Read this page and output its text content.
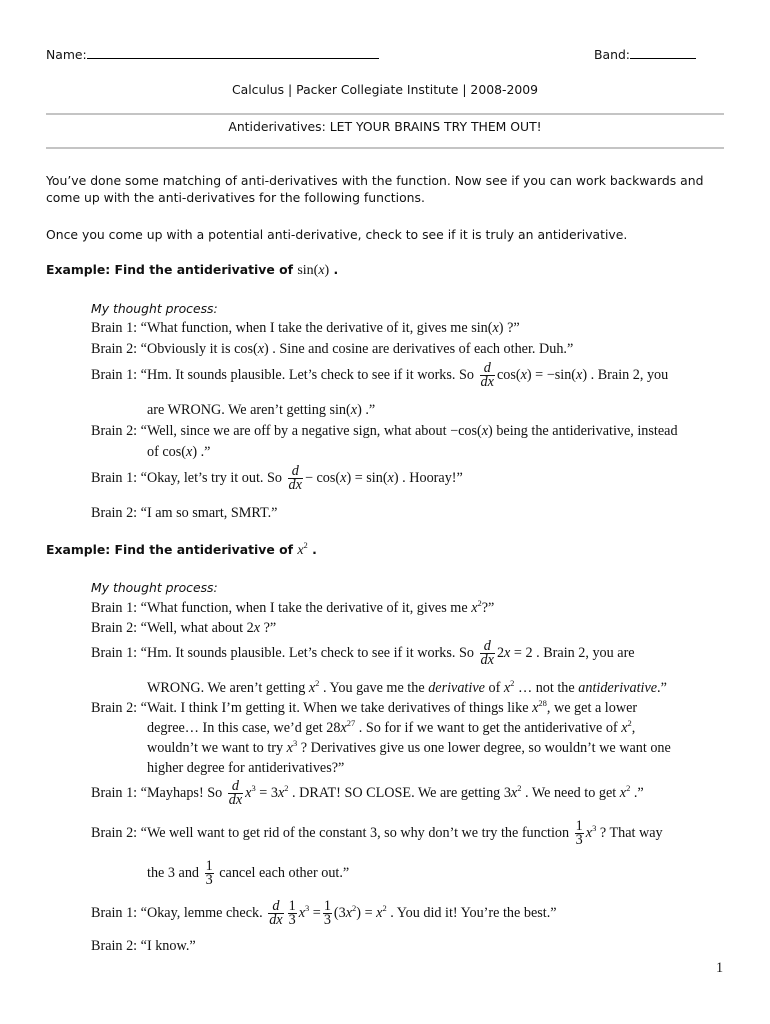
Name:	Band:
Calculus | Packer Collegiate Institute | 2008-2009
Antiderivatives: LET YOUR BRAINS TRY THEM OUT!
You’ve done some matching of anti-derivatives with the function. Now see if you can work backwards and
come up with the anti-derivatives for the following functions.
Once you come up with a potential anti-derivative, check to see if it is truly an antiderivative.
Example: Find the antiderivative of sin(x) .
My thought process:
Brain 1: “What function, when I take the derivative of it, gives me sin(x) ?”
Brain 2: “Obviously it is cos(x) . Sine and cosine are derivatives of each other. Duh.”
Brain 1: “Hm. It sounds plausible. Let’s check to see if it works. So $\frac{d}{dx} \cos(x) = -\sin(x)$ . Brain 2, you
are WRONG. We aren’t getting sin(x) .”
Brain 2: “Well, since we are off by a negative sign, what about −cos(x) being the antiderivative, instead
of cos(x) .”
Brain 1: “Okay, let’s try it out. So $\frac{d}{dx} - \cos(x) = \sin(x)$ . Hooray!”
Brain 2: “I am so smart, SMRT.”
Example: Find the antiderivative of $x^2$ .
My thought process:
Brain 1: “What function, when I take the derivative of it, gives me $x^2$?”
Brain 2: “Well, what about 2x ?”
Brain 1: “Hm. It sounds plausible. Let’s check to see if it works. So $\frac{d}{dx} 2x = 2$ . Brain 2, you are
WRONG. We aren’t getting $x^2$ . You gave me the derivative of $x^2$ … not the antiderivative.”
Brain 2: “Wait. I think I’m getting it. When we take derivatives of things like $x^{28}$, we get a lower
degree… In this case, we’d get $28x^{27}$ . So for if we want to get the antiderivative of $x^2$,
wouldn’t we want to try $x^3$ ? Derivatives give us one lower degree, so wouldn’t we want one
higher degree for antiderivatives?”
Brain 1: “Mayhaps! So $\frac{d}{dx} x^3 = 3x^2$ . DRAT! SO CLOSE. We are getting $3x^2$ . We need to get $x^2$ .”
Brain 2: “We well want to get rid of the constant 3, so why don’t we try the function $\frac{1}{3} x^3$ ? That way
the 3 and $\frac{1}{3}$ cancel each other out.”
Brain 1: “Okay, lemme check. $\frac{d}{dx} \frac{1}{3} x^3 = \frac{1}{3} (3x^2) = x^2$ . You did it! You’re the best.”
Brain 2: “I know.”
1
